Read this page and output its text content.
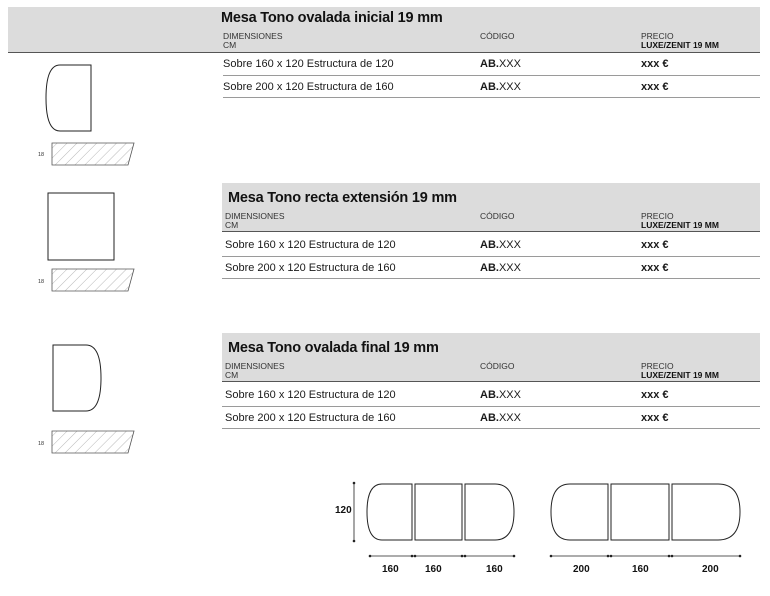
Mesa Tono ovalada inicial 19 mm
DIMENSIONES
CM
CÓDIGO	PRECIO
LUXE/ZENIT 19 MM
Sobre 160 x 120 Estructura de 120	AB.XXX	xxx €
Sobre 200 x 120 Estructura de 160	AB.XXX	xxx €
18
Mesa Tono recta extensión 19 mm
DIMENSIONES
CM
CÓDIGO	PRECIO
LUXE/ZENIT 19 MM
Sobre 160 x 120 Estructura de 120	AB.XXX	xxx €
Sobre 200 x 120 Estructura de 160	AB.XXX	xxx €
18
Mesa Tono ovalada final 19 mm
DIMENSIONES
CM
CÓDIGO	PRECIO
LUXE/ZENIT 19 MM
Sobre 160 x 120 Estructura de 120	AB.XXX	xxx €
Sobre 200 x 120 Estructura de 160	AB.XXX	xxx €
18
120
160	160	160	200	160	200
